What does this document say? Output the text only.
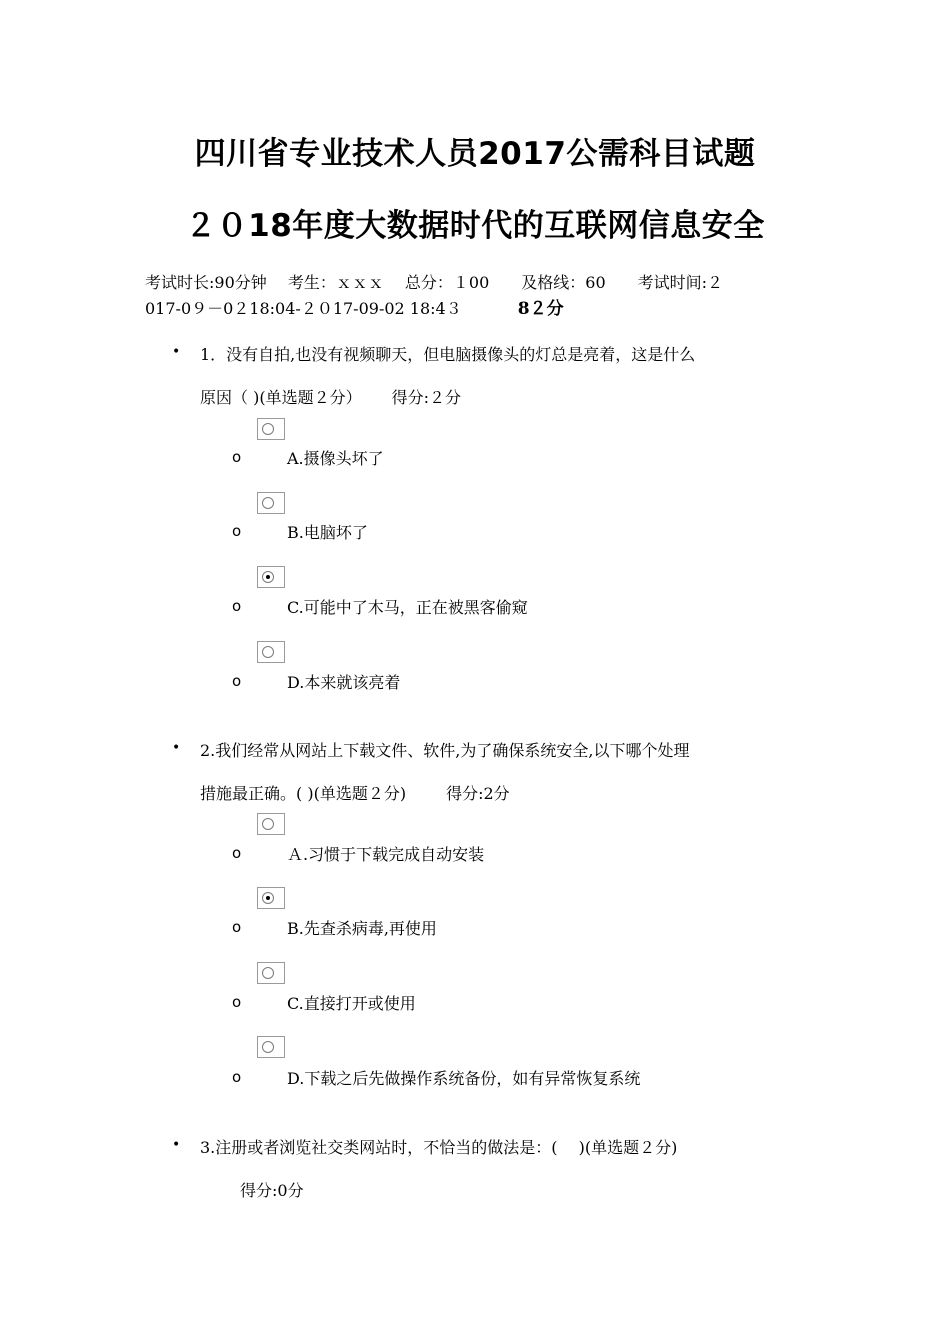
四川省专业技术人员2017公需科目试题
２０18年度大数据时代的互联网信息安全
考试时长:90分钟　 考生：ｘｘｘ　 总分：１00　　及格线：60　　考试时间:２
017-0９－0２18:04-２０17-09-02 18:4３	8２分
• 1．没有自拍,也没有视频聊天，但电脑摄像头的灯总是亮着，这是什么
原因（ )(单选题２分） 得分:２分
o	A.摄像头坏了
o	B.电脑坏了
o	C.可能中了木马，正在被黑客偷窥
o	D.本来就该亮着
• 2.我们经常从网站上下载文件、软件,为了确保系统安全,以下哪个处理
措施最正确。( )(单选题２分)	得分:2分
o	Ａ.习惯于下载完成自动安装
o	B.先查杀病毒,再使用
o	C.直接打开或使用
o	D.下载之后先做操作系统备份，如有异常恢复系统
• 3.注册或者浏览社交类网站时，不恰当的做法是：(　 )(单选题２分)
得分:0分
